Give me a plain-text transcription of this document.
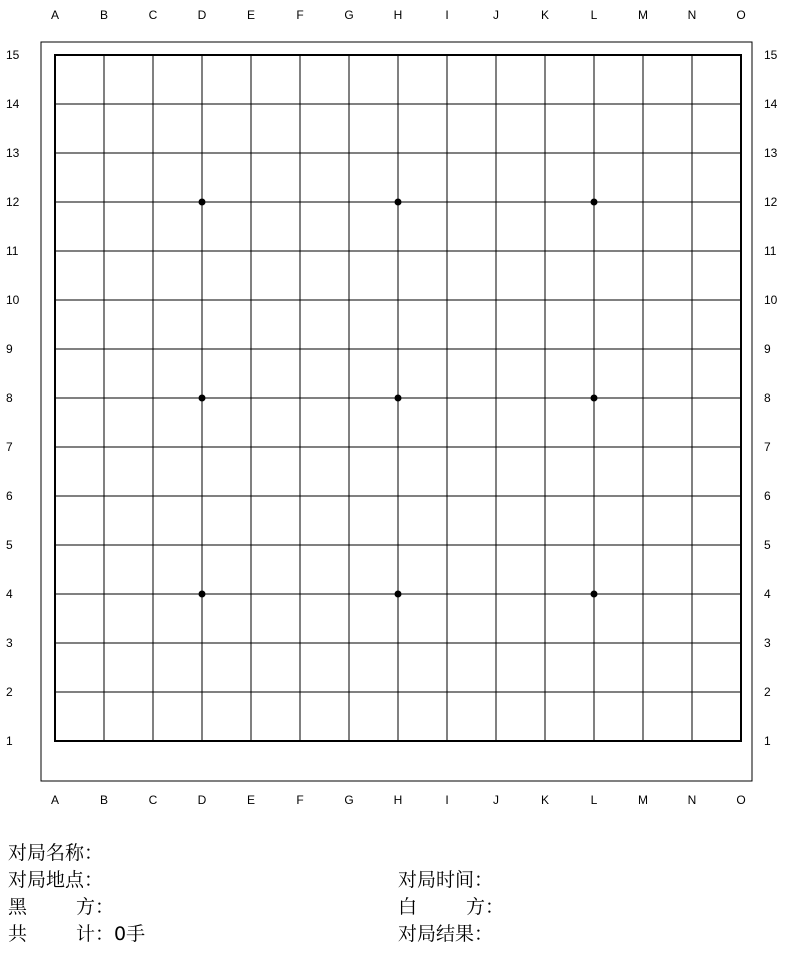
A
A
B
B
C
C
D
D
E
E
F
F
G
G
H
H
I
I
J
J
K
K
L
L
M
M
N
N
O
O
15	15
14	14
13	13
12	12
11	11
10	10
9	9
8	8
7	7
6	6
5	5
4	4
3	3
2	2
1	1
对局名称：
对局地点：	对局时间：
黑	方：	白	方：
共	计：0手	对局结果：
